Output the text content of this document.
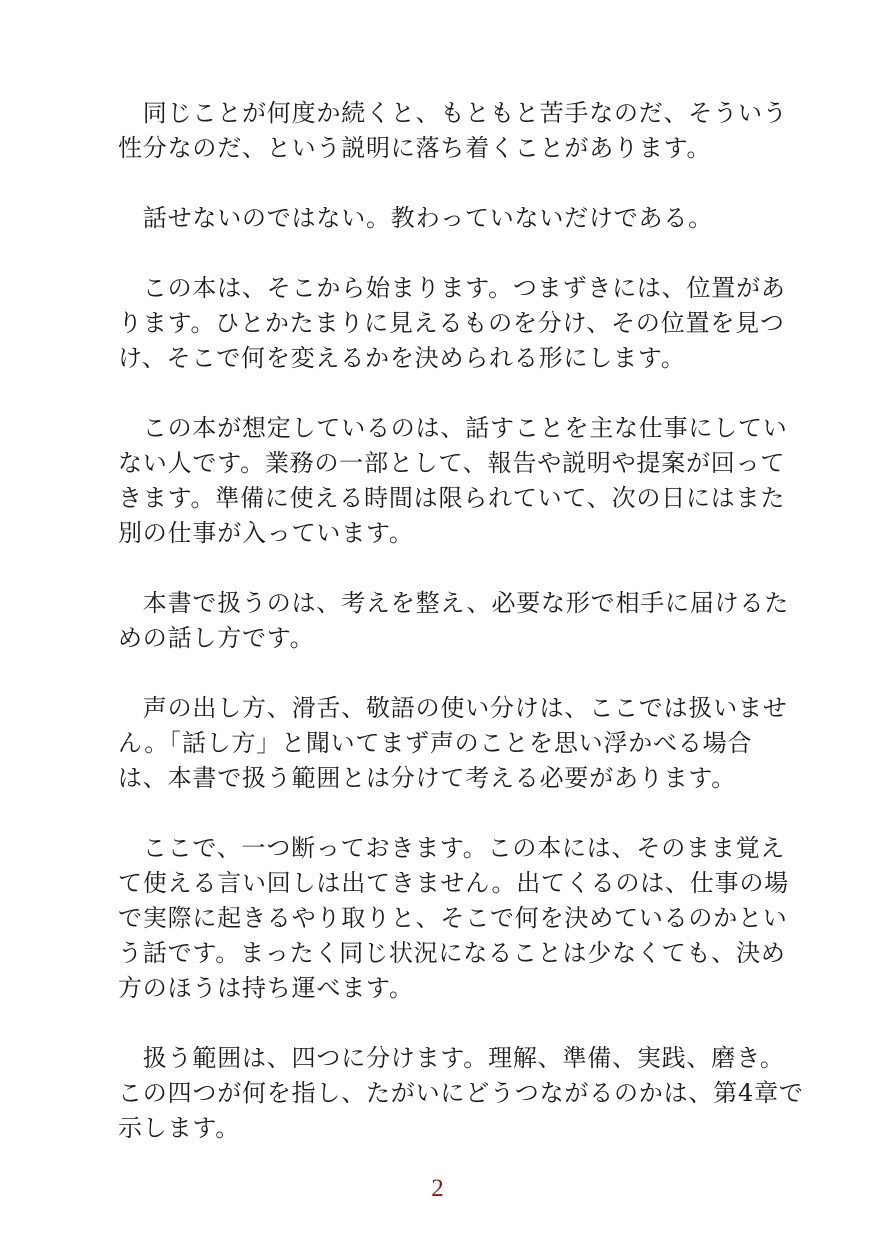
　同じことが何度か続くと、もともと苦手なのだ、そういう
性分なのだ、という説明に落ち着くことがあります。

　話せないのではない。教わっていないだけである。

　この本は、そこから始まります。つまずきには、位置があ
ります。ひとかたまりに見えるものを分け、その位置を見つ
け、そこで何を変えるかを決められる形にします。

　この本が想定しているのは、話すことを主な仕事にしてい
ない人です。業務の一部として、報告や説明や提案が回って
きます。準備に使える時間は限られていて、次の日にはまた
別の仕事が入っています。

　本書で扱うのは、考えを整え、必要な形で相手に届けるた
めの話し方です。

　声の出し方、滑舌、敬語の使い分けは、ここでは扱いませ
ん。「話し方」と聞いてまず声のことを思い浮かべる場合
は、本書で扱う範囲とは分けて考える必要があります。

　ここで、一つ断っておきます。この本には、そのまま覚え
て使える言い回しは出てきません。出てくるのは、仕事の場
で実際に起きるやり取りと、そこで何を決めているのかとい
う話です。まったく同じ状況になることは少なくても、決め
方のほうは持ち運べます。

　扱う範囲は、四つに分けます。理解、準備、実践、磨き。
この四つが何を指し、たがいにどうつながるのかは、第4章で
示します。

2
